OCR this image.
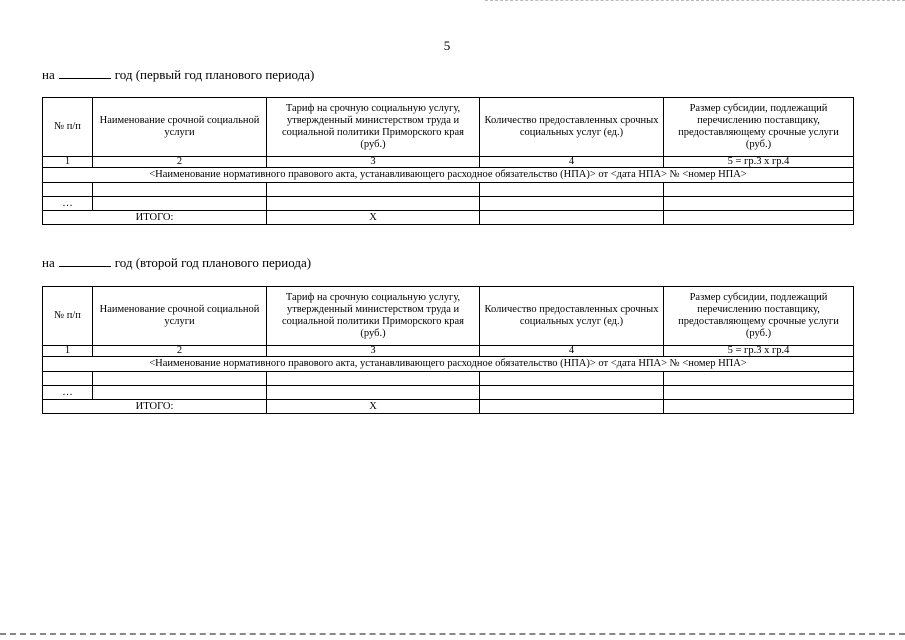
5
на	год (первый год планового периода)
№ п/п	Наименование срочной социальной услуги	Тариф на срочную социальную услугу, утвержденный министерством труда и социальной политики Приморского края (руб.)	Количество предоставленных срочных социальных услуг (ед.)	Размер субсидии, подлежащий перечислению поставщику, предоставляющему срочные услуги (руб.)
1	2	3	4	5 = гр.3 х гр.4
<Наименование нормативного правового акта, устанавливающего расходное обязательство (НПА)> от <дата НПА> № <номер НПА>				

…				
ИТОГО:		Х		
на	год (второй год планового периода)
№ п/п	Наименование срочной социальной услуги	Тариф на срочную социальную услугу, утвержденный министерством труда и социальной политики Приморского края (руб.)	Количество предоставленных срочных социальных услуг (ед.)	Размер субсидии, подлежащий перечислению поставщику, предоставляющему срочные услуги (руб.)
1	2	3	4	5 = гр.3 х гр.4
<Наименование нормативного правового акта, устанавливающего расходное обязательство (НПА)> от <дата НПА> № <номер НПА>				

…				
ИТОГО:		Х		
